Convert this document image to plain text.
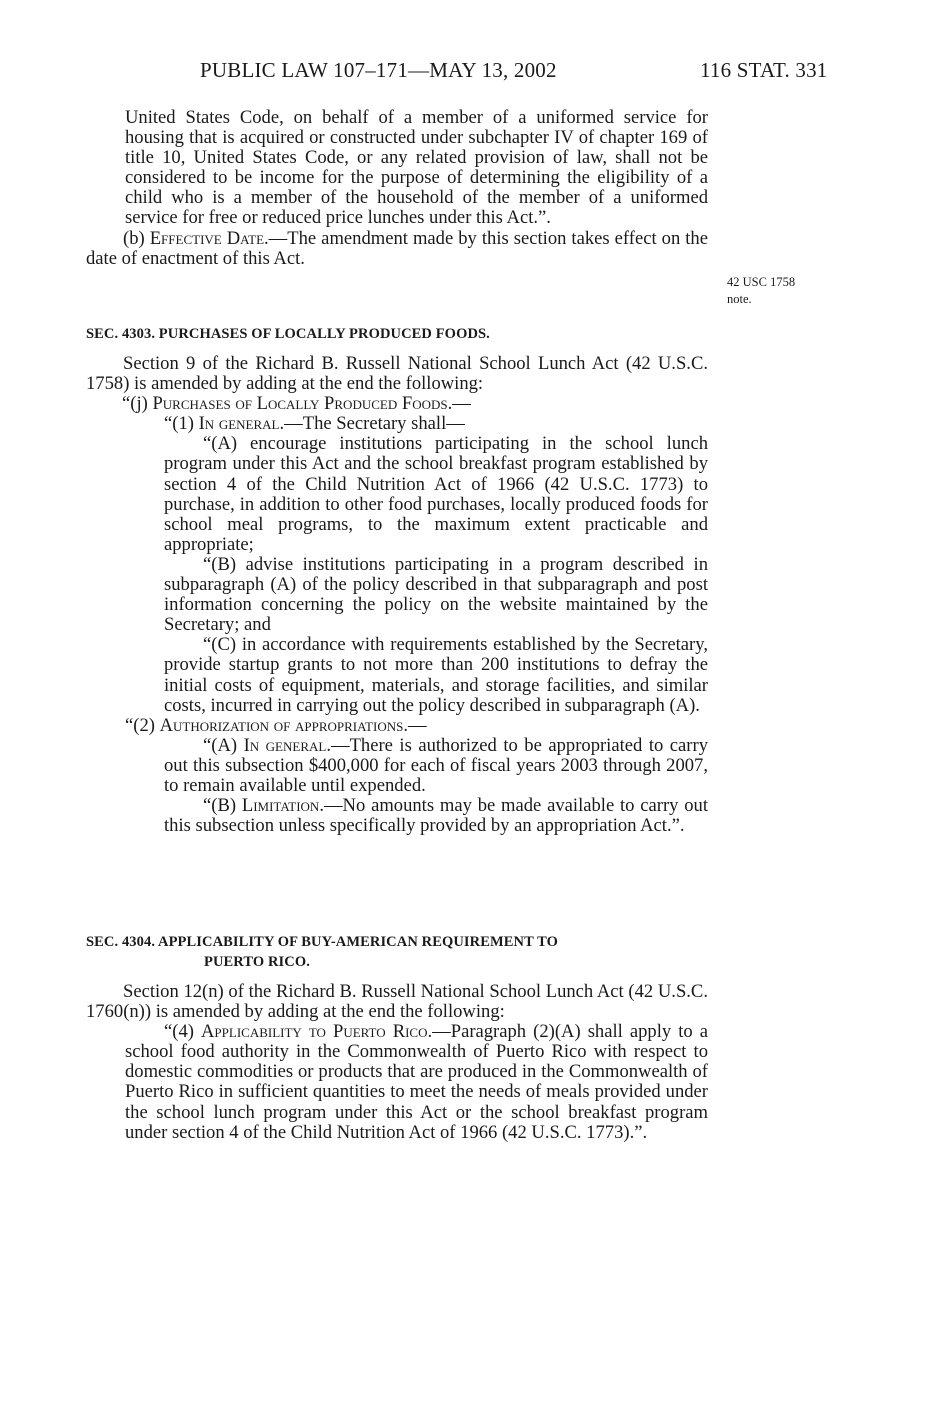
PUBLIC LAW 107–171—MAY 13, 2002	116 STAT. 331

United States Code, on behalf of a member of a uniformed service for housing that is acquired or constructed under subchapter IV of chapter 169 of title 10, United States Code, or any related provision of law, shall not be considered to be income for the purpose of determining the eligibility of a child who is a member of the household of the member of a uniformed service for free or reduced price lunches under this Act.”.

(b) Effective Date.—The amendment made by this section takes effect on the date of enactment of this Act.

42 USC 1758
note.
SEC. 4303. PURCHASES OF LOCALLY PRODUCED FOODS.

Section 9 of the Richard B. Russell National School Lunch Act (42 U.S.C. 1758) is amended by adding at the end the following:

“(j) Purchases of Locally Produced Foods.—

“(1) In general.—The Secretary shall—

“(A) encourage institutions participating in the school lunch program under this Act and the school breakfast program established by section 4 of the Child Nutrition Act of 1966 (42 U.S.C. 1773) to purchase, in addition to other food purchases, locally produced foods for school meal programs, to the maximum extent practicable and appropriate;

“(B) advise institutions participating in a program described in subparagraph (A) of the policy described in that subparagraph and post information concerning the policy on the website maintained by the Secretary; and

“(C) in accordance with requirements established by the Secretary, provide startup grants to not more than 200 institutions to defray the initial costs of equipment, materials, and storage facilities, and similar costs, incurred in carrying out the policy described in subparagraph (A).

“(2) Authorization of appropriations.—

“(A) In general.—There is authorized to be appropriated to carry out this subsection $400,000 for each of fiscal years 2003 through 2007, to remain available until expended.

“(B) Limitation.—No amounts may be made available to carry out this subsection unless specifically provided by an appropriation Act.”.

SEC. 4304. APPLICABILITY OF BUY-AMERICAN REQUIREMENT TO
PUERTO RICO.

Section 12(n) of the Richard B. Russell National School Lunch Act (42 U.S.C. 1760(n)) is amended by adding at the end the following:

“(4) Applicability to Puerto Rico.—Paragraph (2)(A) shall apply to a school food authority in the Commonwealth of Puerto Rico with respect to domestic commodities or products that are produced in the Commonwealth of Puerto Rico in sufficient quantities to meet the needs of meals provided under the school lunch program under this Act or the school breakfast program under section 4 of the Child Nutrition Act of 1966 (42 U.S.C. 1773).”.
